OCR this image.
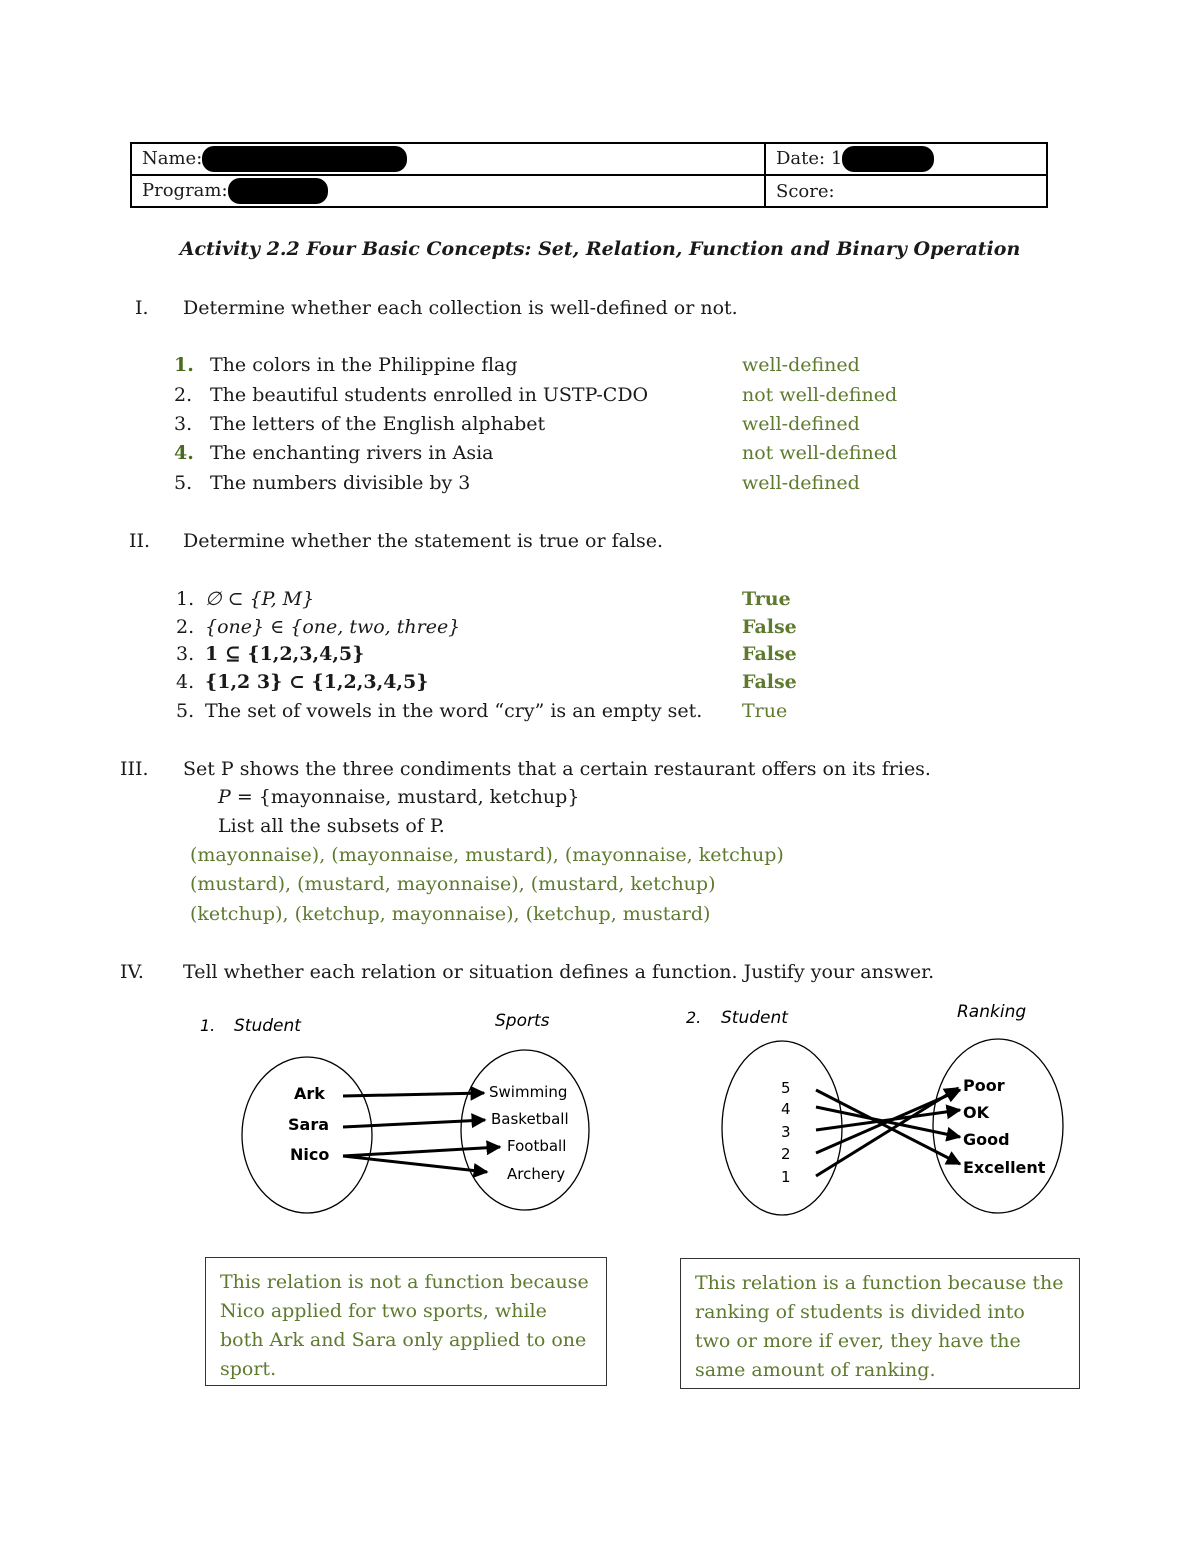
Name:	Date: 1
Program:	Score:
Activity 2.2 Four Basic Concepts: Set, Relation, Function and Binary Operation
I. Determine whether each collection is well-defined or not.
1. The colors in the Philippine flag	well-defined
2. The beautiful students enrolled in USTP-CDO	not well-defined
3. The letters of the English alphabet	well-defined
4. The enchanting rivers in Asia	not well-defined
5. The numbers divisible by 3	well-defined
II. Determine whether the statement is true or false.
1. ∅ ⊂ {P, M}	True
2. {one} ∈ {one, two, three}	False
3. 1 ⊆ {1,2,3,4,5}	False
4. {1,2 3} ⊂ {1,2,3,4,5}	False
5. The set of vowels in the word “cry” is an empty set. True
III. Set P shows the three condiments that a certain restaurant offers on its fries.
P = {mayonnaise, mustard, ketchup}
List all the subsets of P.
(mayonnaise), (mayonnaise, mustard), (mayonnaise, ketchup)
(mustard), (mustard, mayonnaise), (mustard, ketchup)
(ketchup), (ketchup, mayonnaise), (ketchup, mustard)
IV. Tell whether each relation or situation defines a function. Justify your answer.
1. Student	Sports
Ark
Sara
Nico
Swimming
Basketball
Football
Archery
2. Student	Ranking
5
4
3
2
1
Poor
OK
Good
Excellent
This relation is not a function because Nico applied for two sports, while both Ark and Sara only applied to one sport.
This relation is a function because the ranking of students is divided into two or more if ever, they have the same amount of ranking.
